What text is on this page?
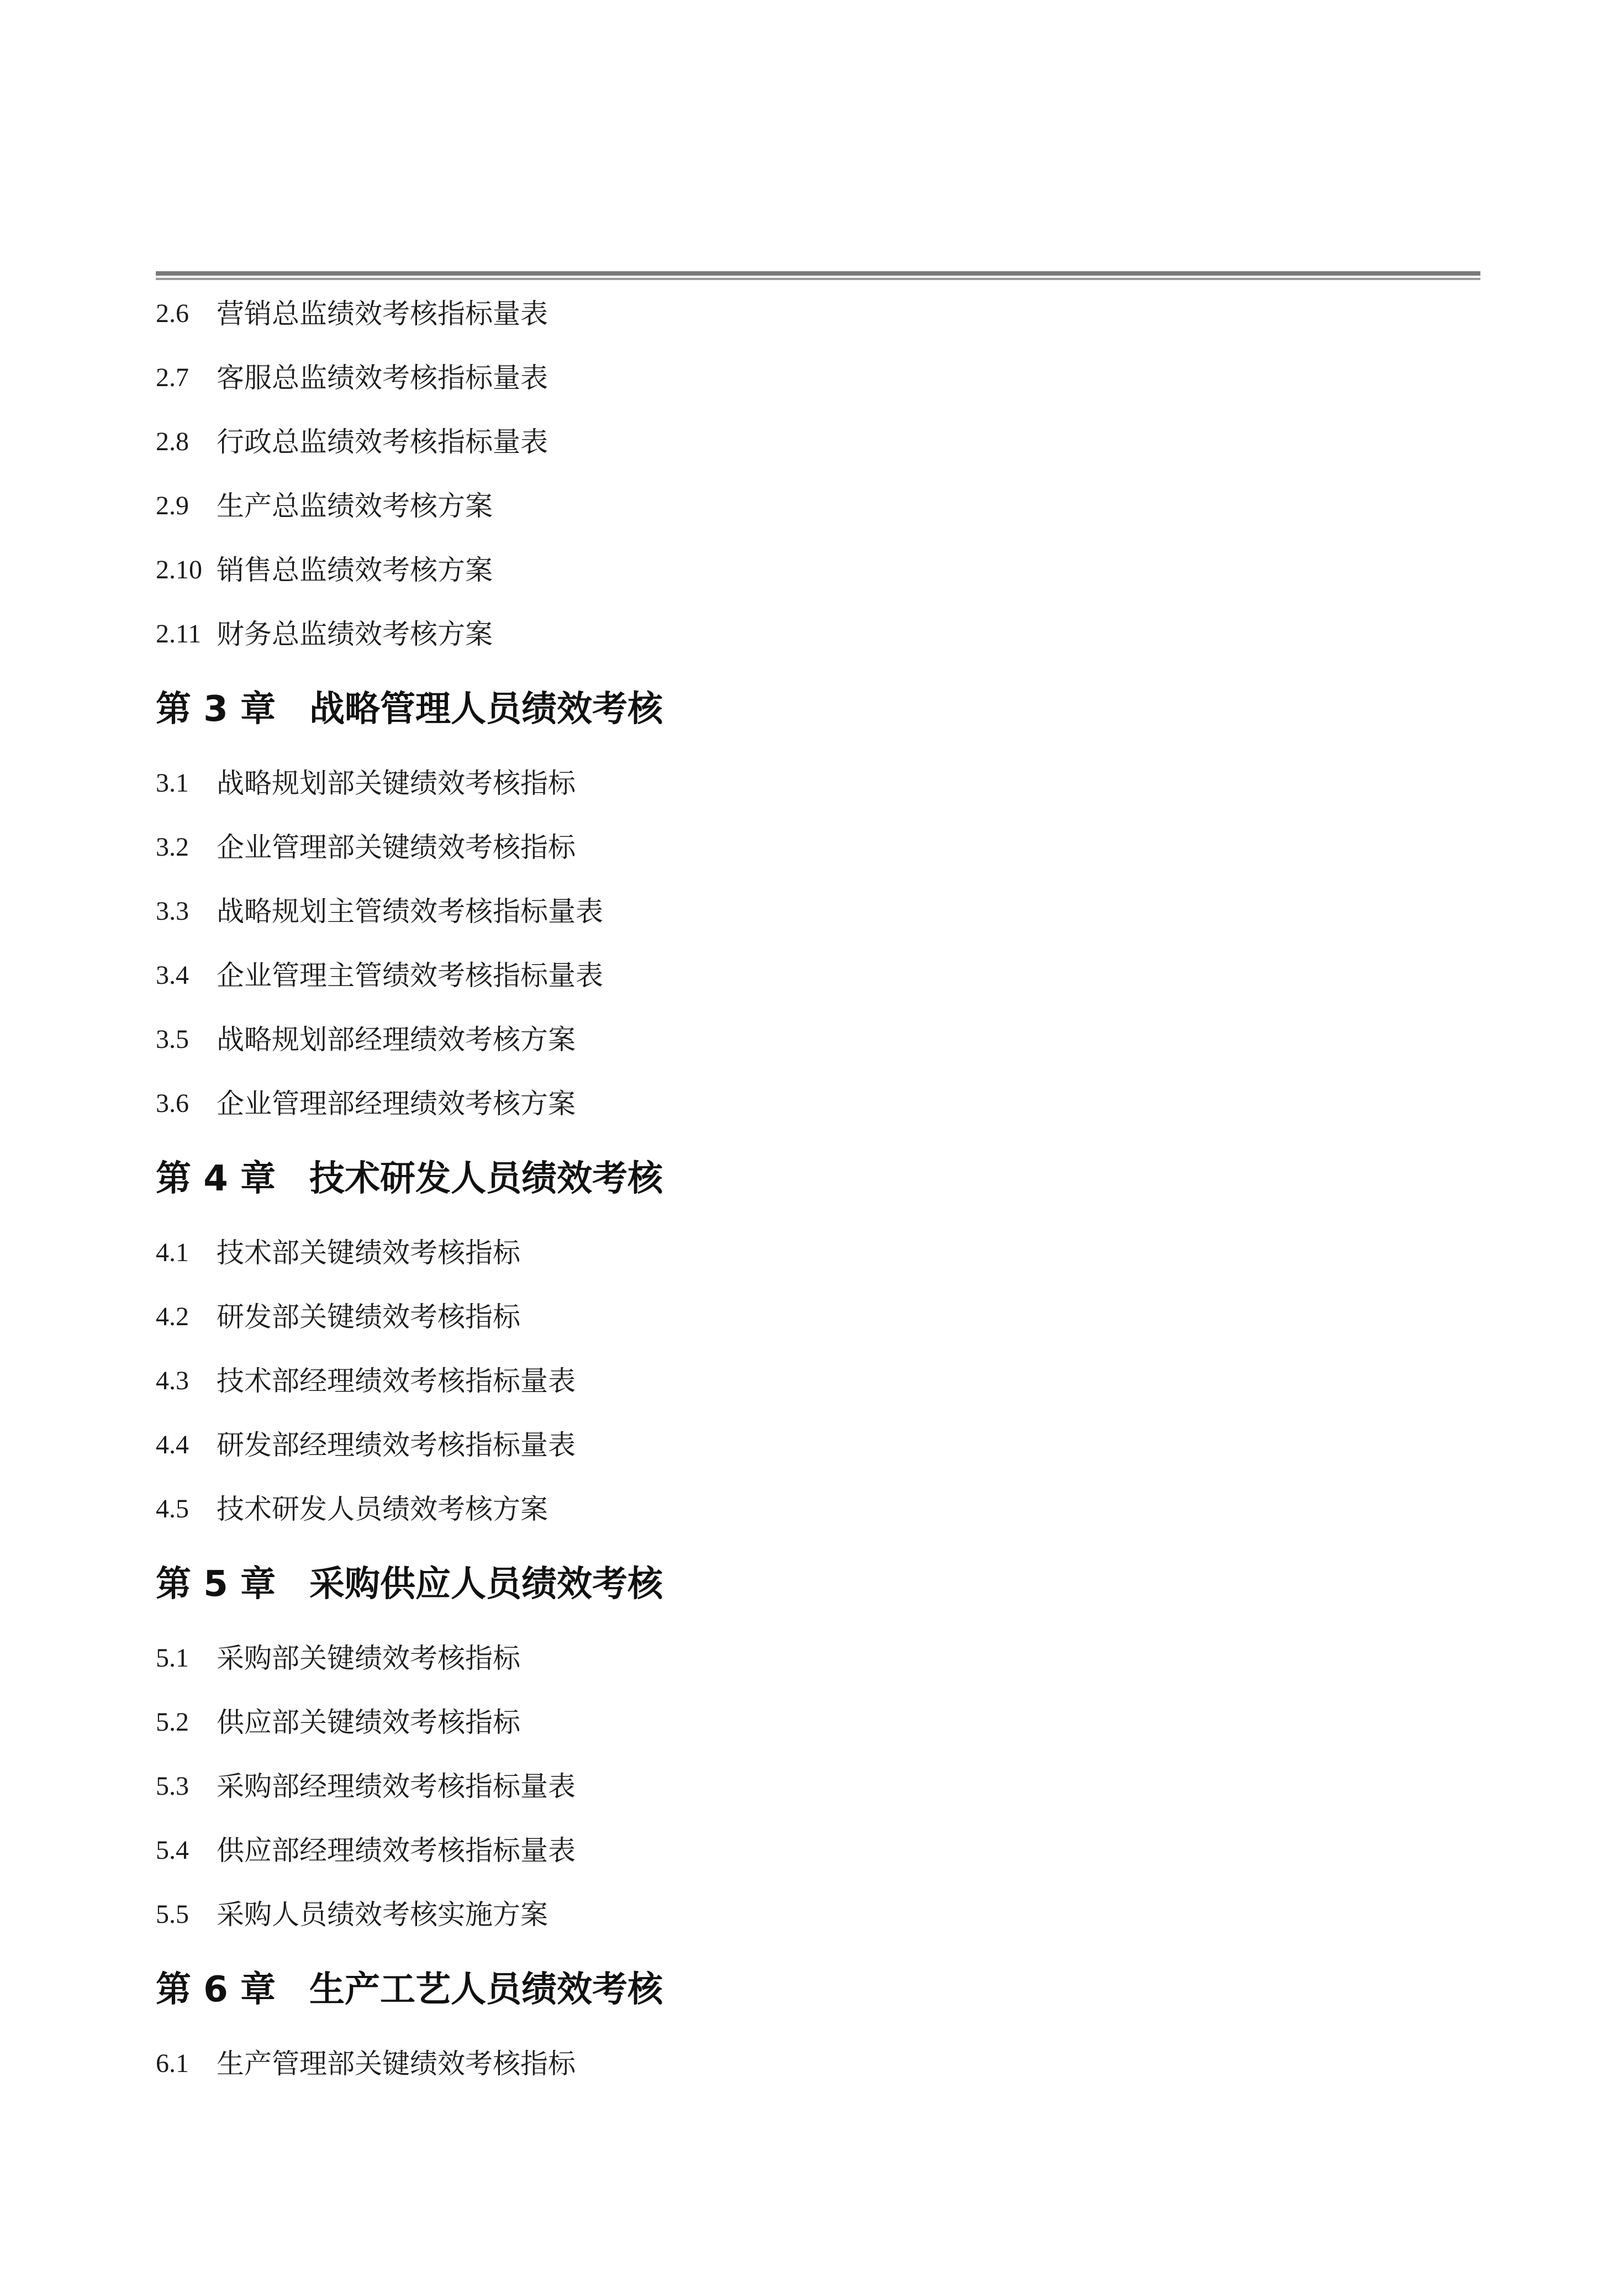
2.6 营销总监绩效考核指标量表
2.7 客服总监绩效考核指标量表
2.8 行政总监绩效考核指标量表
2.9 生产总监绩效考核方案
2.10 销售总监绩效考核方案
2.11 财务总监绩效考核方案
第 3 章 战略管理人员绩效考核
3.1 战略规划部关键绩效考核指标
3.2 企业管理部关键绩效考核指标
3.3 战略规划主管绩效考核指标量表
3.4 企业管理主管绩效考核指标量表
3.5 战略规划部经理绩效考核方案
3.6 企业管理部经理绩效考核方案
第 4 章 技术研发人员绩效考核
4.1 技术部关键绩效考核指标
4.2 研发部关键绩效考核指标
4.3 技术部经理绩效考核指标量表
4.4 研发部经理绩效考核指标量表
4.5 技术研发人员绩效考核方案
第 5 章 采购供应人员绩效考核
5.1 采购部关键绩效考核指标
5.2 供应部关键绩效考核指标
5.3 采购部经理绩效考核指标量表
5.4 供应部经理绩效考核指标量表
5.5 采购人员绩效考核实施方案
第 6 章 生产工艺人员绩效考核
6.1 生产管理部关键绩效考核指标
